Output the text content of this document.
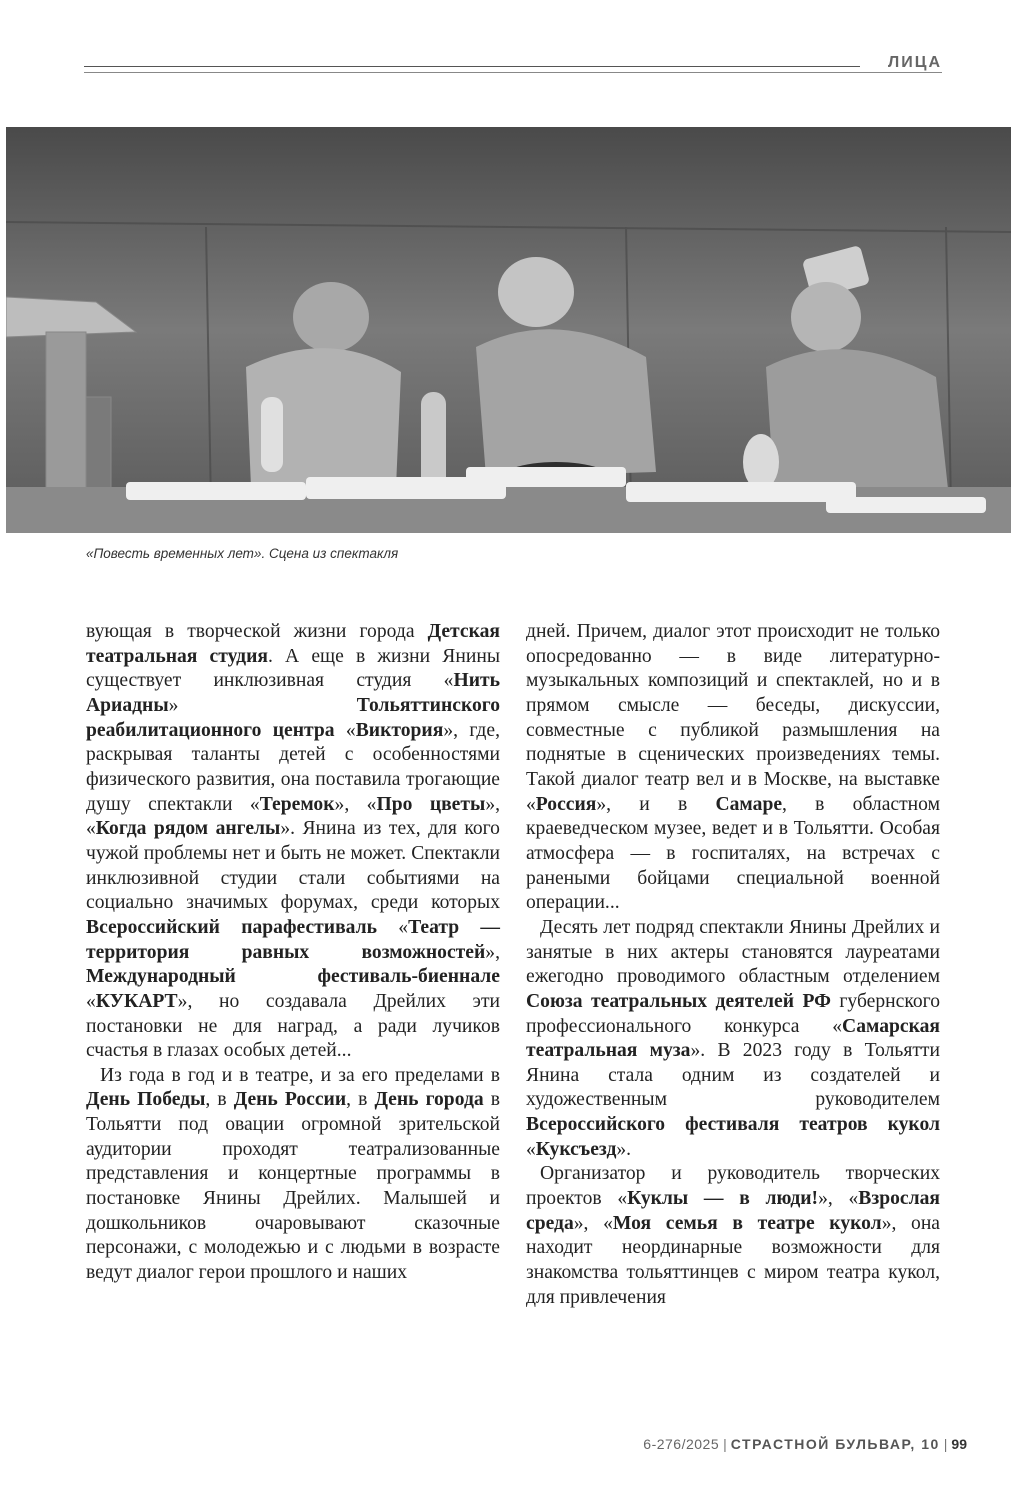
ЛИЦА
«Повесть временных лет». Сцена из спектакля

вующая в творческой жизни города Детская театральная студия. А еще в жизни Янины существует инклюзивная студия «Нить Ариадны» Тольяттинского реабилитационного центра «Виктория», где, раскрывая таланты детей с особенностями физического развития, она поставила трогающие душу спектакли «Теремок», «Про цветы», «Когда рядом ангелы». Янина из тех, для кого чужой проблемы нет и быть не может. Спектакли инклюзивной студии стали событиями на социально значимых форумах, среди которых Всероссийский парафестиваль «Театр — территория равных возможностей», Международный фестиваль-биеннале «КУКАРТ», но создавала Дрейлих эти постановки не для наград, а ради лучиков счастья в глазах особых детей...

Из года в год и в театре, и за его пределами в День Победы, в День России, в День города в Тольятти под овации огромной зрительской аудитории проходят театрализованные представления и концертные программы в постановке Янины Дрейлих. Малышей и дошкольников очаровывают сказочные персонажи, с молодежью и с людьми в возрасте ведут диалог герои прошлого и наших

дней. Причем, диалог этот происходит не только опосредованно — в виде литературно-музыкальных композиций и спектаклей, но и в прямом смысле — беседы, дискуссии, совместные с публикой размышления на поднятые в сценических произведениях темы. Такой диалог театр вел и в Москве, на выставке «Россия», и в Самаре, в областном краеведческом музее, ведет и в Тольятти. Особая атмосфера — в госпиталях, на встречах с ранеными бойцами специальной военной операции...

Десять лет подряд спектакли Янины Дрейлих и занятые в них актеры становятся лауреатами ежегодно проводимого областным отделением Союза театральных деятелей РФ губернского профессионального конкурса «Самарская театральная муза». В 2023 году в Тольятти Янина стала одним из создателей и художественным руководителем Всероссийского фестиваля театров кукол «Куксъезд».

Организатор и руководитель творческих проектов «Куклы — в люди!», «Взрослая среда», «Моя семья в театре кукол», она находит неординарные возможности для знакомства тольяттинцев с миром театра кукол, для привлечения

6-276/2025 | СТРАСТНОЙ БУЛЬВАР, 10 | 99
